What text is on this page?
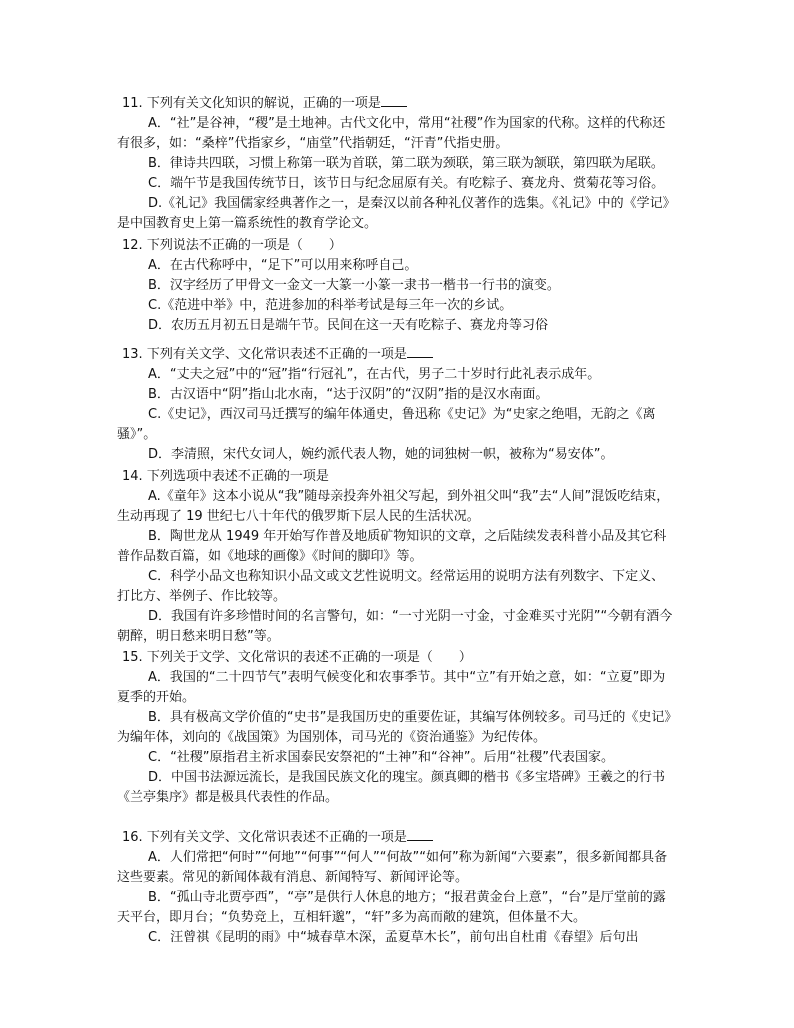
11. 下列有关文化知识的解说，正确的一项是

A．“社”是谷神，“稷”是土地神。古代文化中，常用“社稷”作为国家的代称。这样的代称还有很多，如：“桑梓”代指家乡，“庙堂”代指朝廷，“汗青”代指史册。

B．律诗共四联，习惯上称第一联为首联，第二联为颈联，第三联为颔联，第四联为尾联。

C．端午节是我国传统节日，该节日与纪念屈原有关。有吃粽子、赛龙舟、赏菊花等习俗。

D.《礼记》我国儒家经典著作之一，是秦汉以前各种礼仪著作的选集。《礼记》中的《学记》是中国教育史上第一篇系统性的教育学论文。

12. 下列说法不正确的一项是（　　）

A．在古代称呼中，“足下”可以用来称呼自己。

B．汉字经历了甲骨文一金文一大篆一小篆一隶书一楷书一行书的演变。

C.《范进中举》中，范进参加的科举考试是每三年一次的乡试。

D．农历五月初五日是端午节。民间在这一天有吃粽子、赛龙舟等习俗

13. 下列有关文学、文化常识表述不正确的一项是

A．“丈夫之冠”中的“冠”指“行冠礼”，在古代，男子二十岁时行此礼表示成年。

B．古汉语中“阴”指山北水南，“达于汉阴”的“汉阴”指的是汉水南面。

C.《史记》，西汉司马迁撰写的编年体通史，鲁迅称《史记》为“史家之绝唱，无韵之《离骚》”。

D．李清照，宋代女词人，婉约派代表人物，她的词独树一帜，被称为“易安体”。

14. 下列选项中表述不正确的一项是

A.《童年》这本小说从“我”随母亲投奔外祖父写起，到外祖父叫“我”去“人间”混饭吃结束，生动再现了 19 世纪七八十年代的俄罗斯下层人民的生活状况。

B．陶世龙从 1949 年开始写作普及地质矿物知识的文章，之后陆续发表科普小品及其它科普作品数百篇，如《地球的画像》《时间的脚印》等。

C．科学小品文也称知识小品文或文艺性说明文。经常运用的说明方法有列数字、下定义、打比方、举例子、作比较等。

D．我国有许多珍惜时间的名言警句，如：“一寸光阴一寸金，寸金难买寸光阴”“今朝有酒今朝醉，明日愁来明日愁”等。

15. 下列关于文学、文化常识的表述不正确的一项是（　　）

A．我国的“二十四节气”表明气候变化和农事季节。其中“立”有开始之意，如：“立夏”即为夏季的开始。

B．具有极高文学价值的“史书”是我国历史的重要佐证，其编写体例较多。司马迁的《史记》为编年体，刘向的《战国策》为国别体，司马光的《资治通鉴》为纪传体。

C．“社稷”原指君主祈求国泰民安祭祀的“土神”和“谷神”。后用“社稷”代表国家。

D．中国书法源远流长，是我国民族文化的瑰宝。颜真卿的楷书《多宝塔碑》王羲之的行书《兰亭集序》都是极具代表性的作品。

16. 下列有关文学、文化常识表述不正确的一项是

A．人们常把“何时”“何地”“何事”“何人”“何故”“如何”称为新闻“六要素”，很多新闻都具备这些要素。常见的新闻体裁有消息、新闻特写、新闻评论等。

B．“孤山寺北贾亭西”，“亭”是供行人休息的地方；“报君黄金台上意”，“台”是厅堂前的露天平台，即月台；“负势竞上，互相轩邈”，“轩”多为高而敞的建筑，但体量不大。

C．汪曾祺《昆明的雨》中“城春草木深，孟夏草木长”，前句出自杜甫《春望》后句出
